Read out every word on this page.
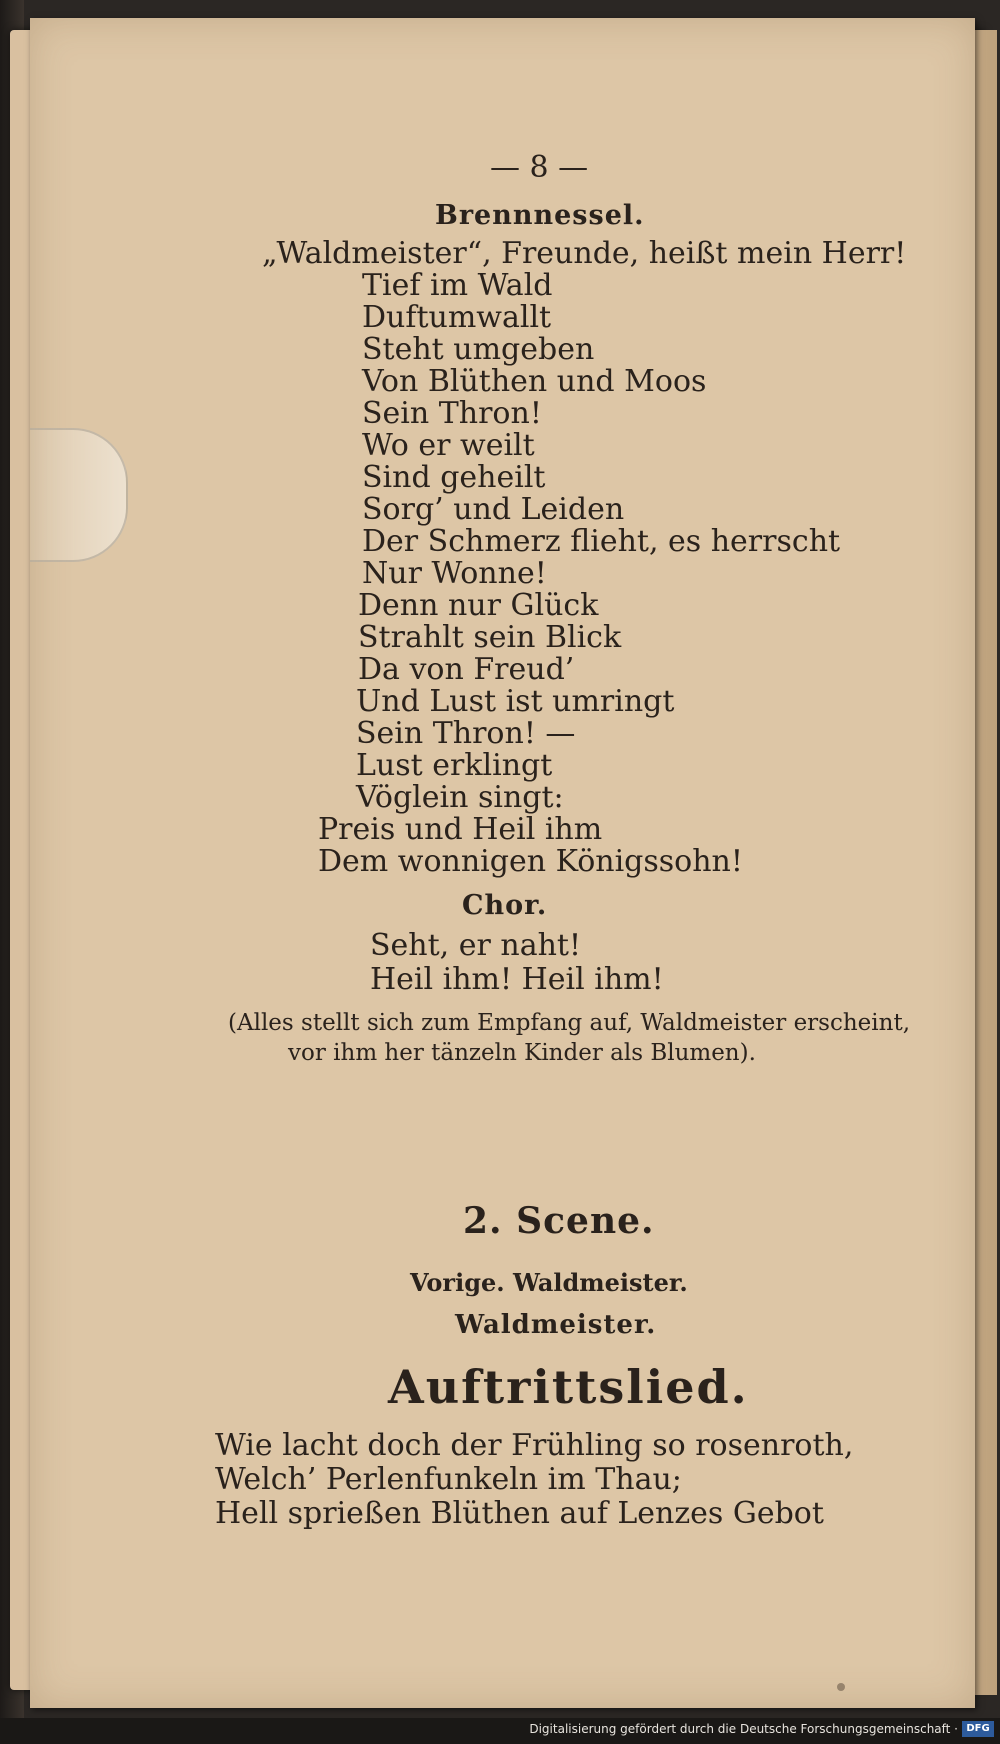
— 8 —
Brennnessel.
„Waldmeister“, Freunde, heißt mein Herr!
Tief im Wald
Duftumwallt
Steht umgeben
Von Blüthen und Moos
Sein Thron!
Wo er weilt
Sind geheilt
Sorg’ und Leiden
Der Schmerz flieht, es herrscht
Nur Wonne!
Denn nur Glück
Strahlt sein Blick
Da von Freud’
Und Lust ist umringt
Sein Thron! —
Lust erklingt
Vöglein singt:
Preis und Heil ihm
Dem wonnigen Königssohn!
Chor.
Seht, er naht!
Heil ihm! Heil ihm!
(Alles stellt sich zum Empfang auf, Waldmeister erscheint,
vor ihm her tänzeln Kinder als Blumen).
2. Scene.
Vorige. Waldmeister.
Waldmeister.
Auftrittslied.
Wie lacht doch der Frühling so rosenroth,
Welch’ Perlenfunkeln im Thau;
Hell sprießen Blüthen auf Lenzes Gebot
Digitalisierung gefördert durch die Deutsche Forschungsgemeinschaft · DFG
